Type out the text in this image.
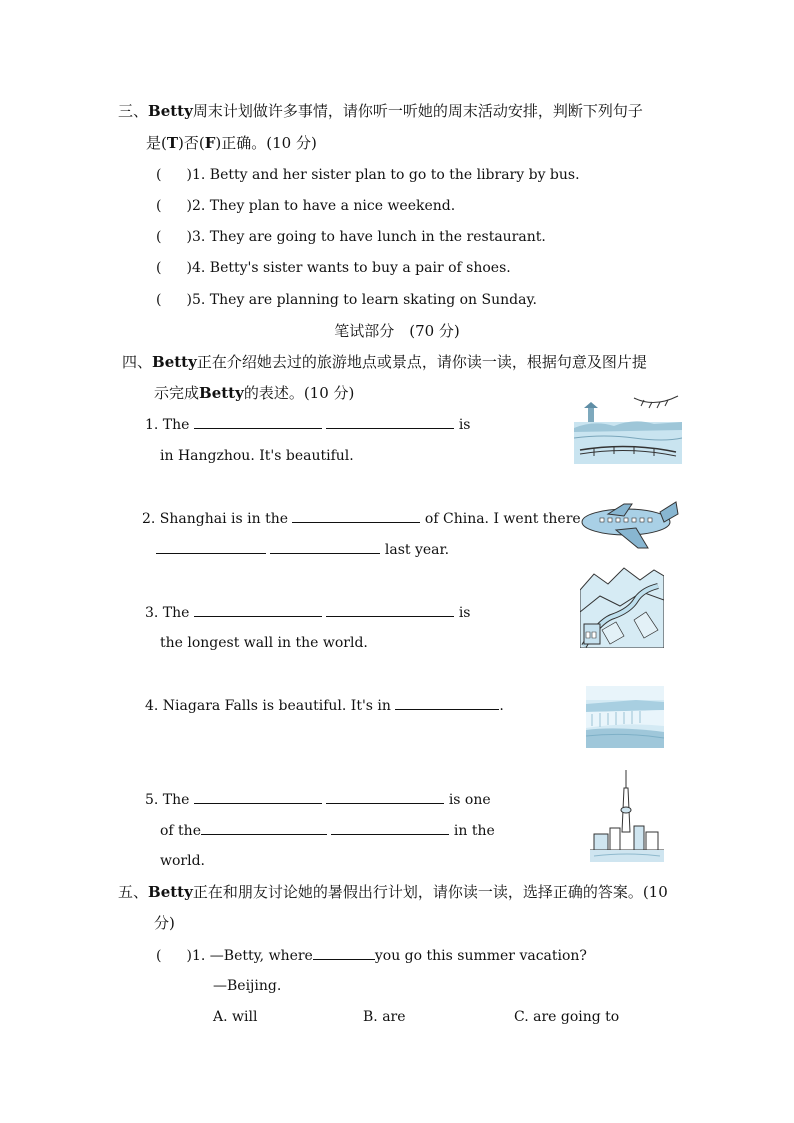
三、Betty周末计划做许多事情，请你听一听她的周末活动安排，判断下列句子
是(T)否(F)正确。(10 分)
( )1. Betty and her sister plan to go to the library by bus.
( )2. They plan to have a nice weekend.
( )3. They are going to have lunch in the restaurant.
( )4. Betty's sister wants to buy a pair of shoes.
( )5. They are planning to learn skating on Sunday.
笔试部分　(70 分)
四、Betty正在介绍她去过的旅游地点或景点，请你读一读，根据句意及图片提
示完成Betty的表述。(10 分)
1. The	is
in Hangzhou. It's beautiful.
2. Shanghai is in the	of China. I went there
last year.
3. The	is
the longest wall in the world.
4. Niagara Falls is beautiful. It's in	.
5. The	is one
of the	in the
world.
五、Betty正在和朋友讨论她的暑假出行计划，请你读一读，选择正确的答案。(10
分)
( )1. —Betty, where	you go this summer vacation?
—Beijing.
A. will	B. are	C. are going to
